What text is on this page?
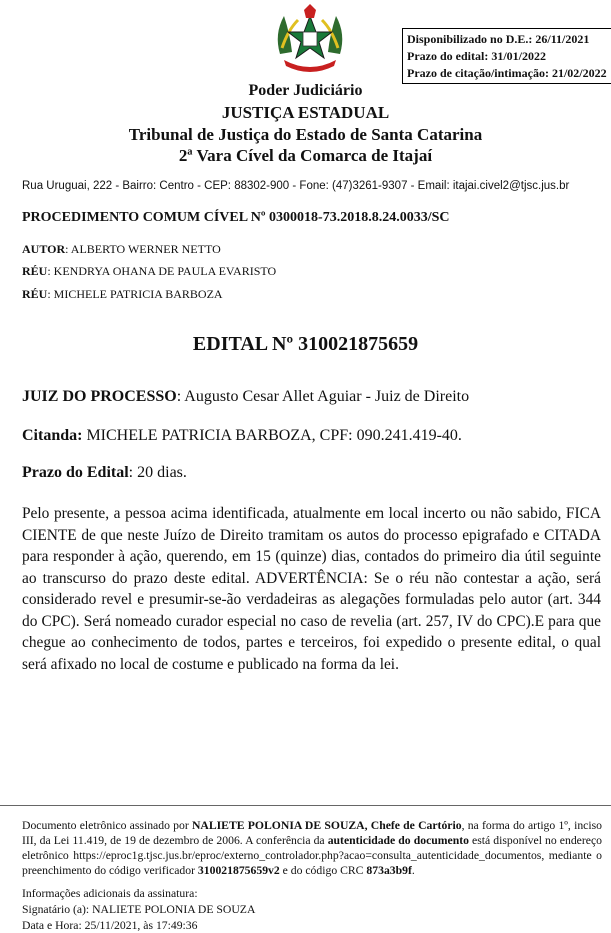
Disponibilizado no D.E.: 26/11/2021
Prazo do edital: 31/01/2022
Prazo de citação/intimação: 21/02/2022
Poder Judiciário
JUSTIÇA ESTADUAL
Tribunal de Justiça do Estado de Santa Catarina
2ª Vara Cível da Comarca de Itajaí
Rua Uruguai, 222 - Bairro: Centro - CEP: 88302-900 - Fone: (47)3261-9307 - Email: itajai.civel2@tjsc.jus.br
PROCEDIMENTO COMUM CÍVEL Nº 0300018-73.2018.8.24.0033/SC
AUTOR: ALBERTO WERNER NETTO
RÉU: KENDRYA OHANA DE PAULA EVARISTO
RÉU: MICHELE PATRICIA BARBOZA
EDITAL Nº 310021875659
JUIZ DO PROCESSO: Augusto Cesar Allet Aguiar - Juiz de Direito
Citanda: MICHELE PATRICIA BARBOZA, CPF: 090.241.419-40.
Prazo do Edital: 20 dias.
Pelo presente, a pessoa acima identificada, atualmente em local incerto ou não sabido, FICA CIENTE de que neste Juízo de Direito tramitam os autos do processo epigrafado e CITADA para responder à ação, querendo, em 15 (quinze) dias, contados do primeiro dia útil seguinte ao transcurso do prazo deste edital. ADVERTÊNCIA: Se o réu não contestar a ação, será considerado revel e presumir-se-ão verdadeiras as alegações formuladas pelo autor (art. 344 do CPC). Será nomeado curador especial no caso de revelia (art. 257, IV do CPC).E para que chegue ao conhecimento de todos, partes e terceiros, foi expedido o presente edital, o qual será afixado no local de costume e publicado na forma da lei.
Documento eletrônico assinado por NALIETE POLONIA DE SOUZA, Chefe de Cartório, na forma do artigo 1º, inciso III, da Lei 11.419, de 19 de dezembro de 2006. A conferência da autenticidade do documento está disponível no endereço eletrônico https://eproc1g.tjsc.jus.br/eproc/externo_controlador.php?acao=consulta_autenticidade_documentos, mediante o preenchimento do código verificador 310021875659v2 e do código CRC 873a3b9f.
Informações adicionais da assinatura:
Signatário (a): NALIETE POLONIA DE SOUZA
Data e Hora: 25/11/2021, às 17:49:36
